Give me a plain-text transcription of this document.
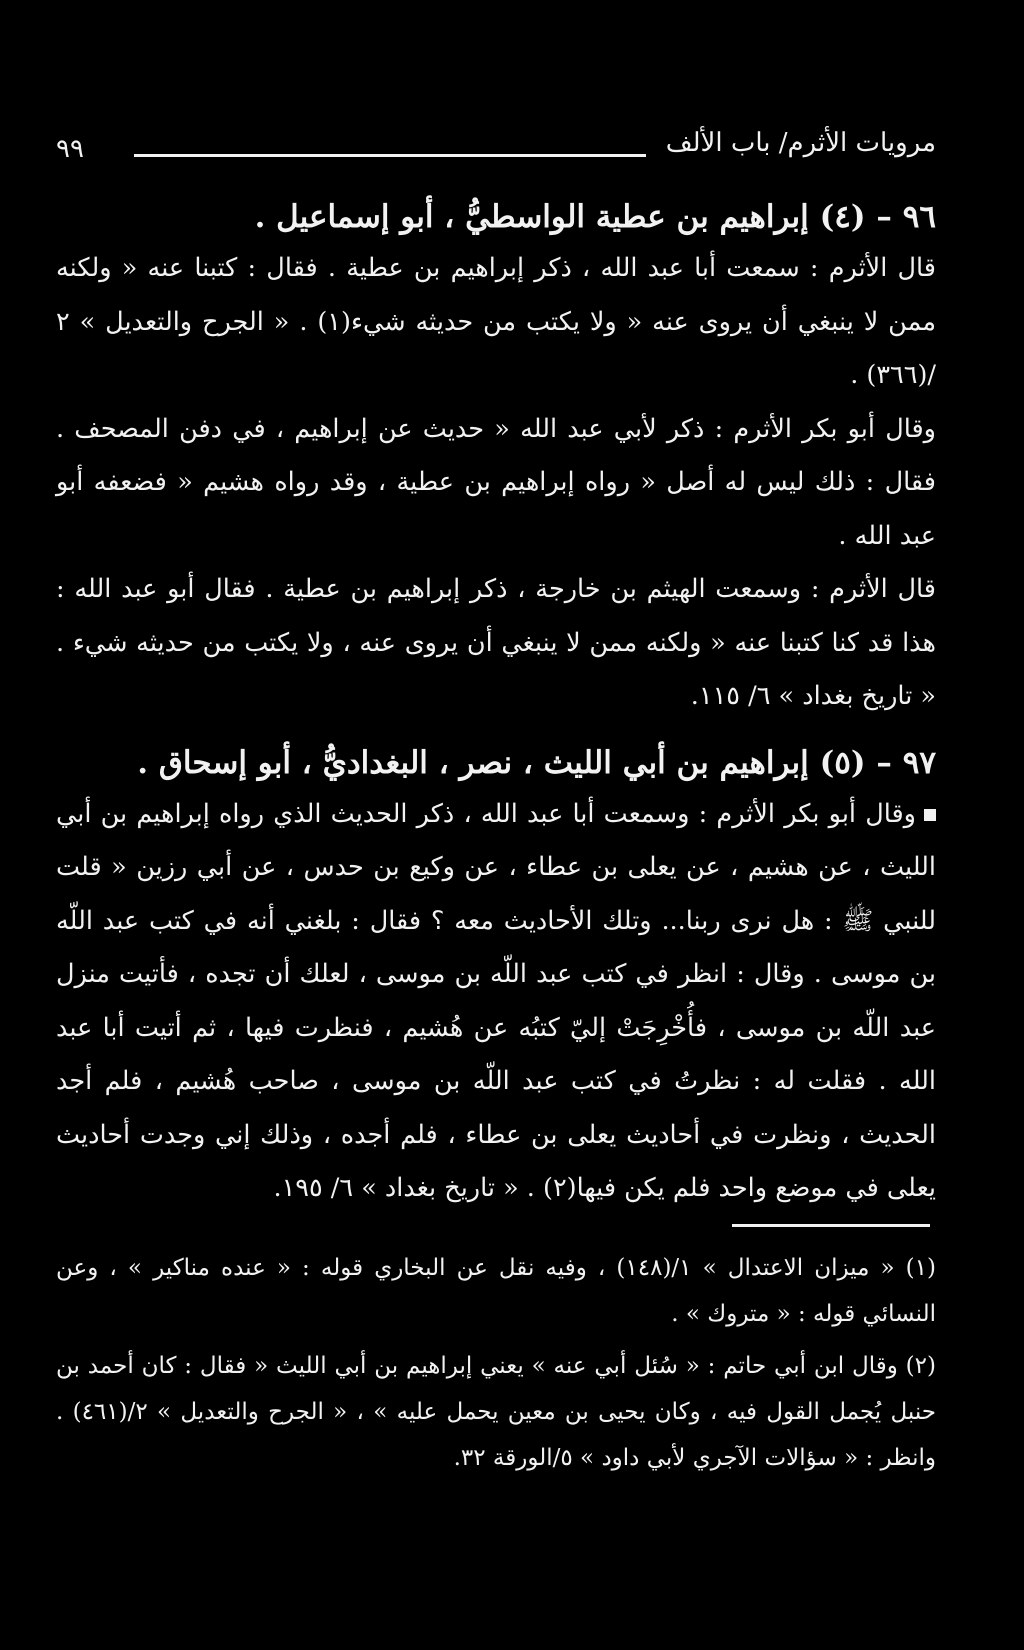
٩٩	مرويات الأثرم/ باب الألف
٩٦ – (٤) إبراهيم بن عطية الواسطيُّ ، أبو إسماعيل .

قال الأثرم : سمعت أبا عبد الله ، ذكر إبراهيم بن عطية . فقال : كتبنا عنه « ولكنه ممن لا ينبغي أن يروى عنه « ولا يكتب من حديثه شيء(١) . « الجرح والتعديل » ٢ /(٣٦٦) .

وقال أبو بكر الأثرم : ذكر لأبي عبد الله « حديث عن إبراهيم ، في دفن المصحف . فقال : ذلك ليس له أصل « رواه إبراهيم بن عطية ، وقد رواه هشيم « فضعفه أبو عبد الله .

قال الأثرم : وسمعت الهيثم بن خارجة ، ذكر إبراهيم بن عطية . فقال أبو عبد الله : هذا قد كنا كتبنا عنه « ولكنه ممن لا ينبغي أن يروى عنه ، ولا يكتب من حديثه شيء . « تاريخ بغداد » ٦/ ١١٥.

٩٧ – (٥) إبراهيم بن أبي الليث ، نصر ، البغداديُّ ، أبو إسحاق .

وقال أبو بكر الأثرم : وسمعت أبا عبد الله ، ذكر الحديث الذي رواه إبراهيم بن أبي الليث ، عن هشيم ، عن يعلى بن عطاء ، عن وكيع بن حدس ، عن أبي رزين « قلت للنبي ﷺ : هل نرى ربنا... وتلك الأحاديث معه ؟ فقال : بلغني أنه في كتب عبد اللّه بن موسى . وقال : انظر في كتب عبد اللّه بن موسى ، لعلك أن تجده ، فأتيت منزل عبد اللّه بن موسى ، فأُخْرِجَتْ إليّ كتبُه عن هُشيم ، فنظرت فيها ، ثم أتيت أبا عبد الله . فقلت له : نظرتُ في كتب عبد اللّه بن موسى ، صاحب هُشيم ، فلم أجد الحديث ، ونظرت في أحاديث يعلى بن عطاء ، فلم أجده ، وذلك إني وجدت أحاديث يعلى في موضع واحد فلم يكن فيها(٢) . « تاريخ بغداد » ٦/ ١٩٥.

(١) « ميزان الاعتدال » ١/(١٤٨) ، وفيه نقل عن البخاري قوله : « عنده مناكير » ، وعن النسائي قوله : « متروك » .

(٢) وقال ابن أبي حاتم : « سُئل أبي عنه » يعني إبراهيم بن أبي الليث « فقال : كان أحمد بن حنبل يُجمل القول فيه ، وكان يحيى بن معين يحمل عليه » ، « الجرح والتعديل » ٢/(٤٦١) . وانظر : « سؤالات الآجري لأبي داود » ٥/الورقة ٣٢.
